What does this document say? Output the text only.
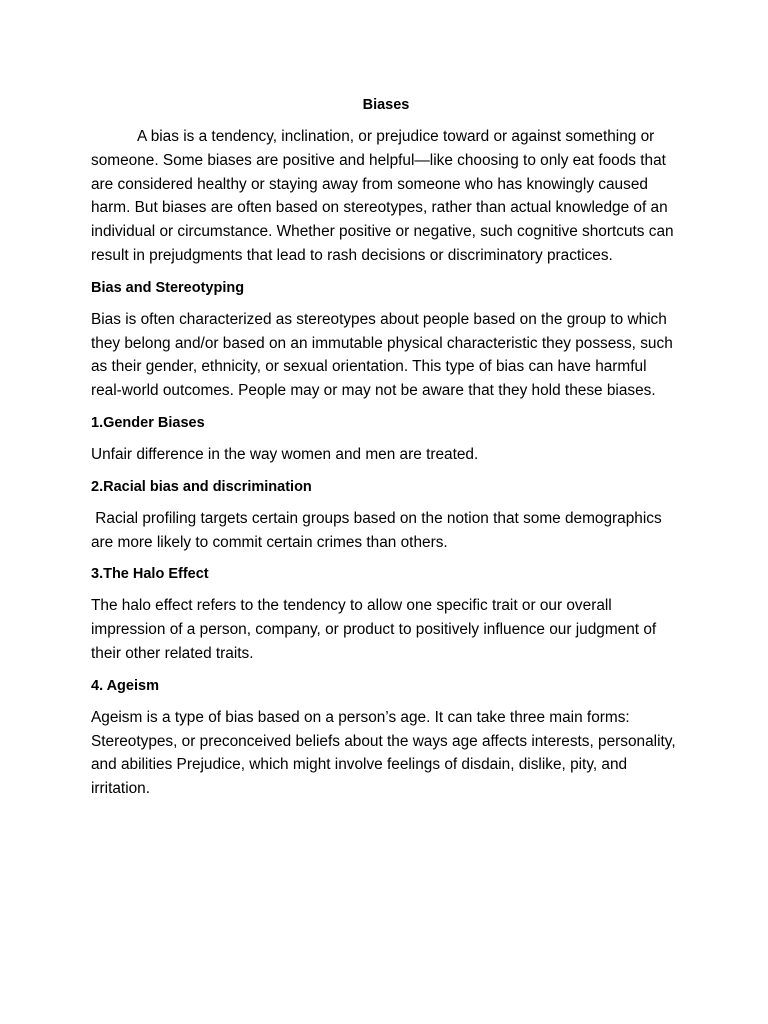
Biases

A bias is a tendency, inclination, or prejudice toward or against something or someone. Some biases are positive and helpful—like choosing to only eat foods that are considered healthy or staying away from someone who has knowingly caused harm. But biases are often based on stereotypes, rather than actual knowledge of an individual or circumstance. Whether positive or negative, such cognitive shortcuts can result in prejudgments that lead to rash decisions or discriminatory practices.

Bias and Stereotyping

Bias is often characterized as stereotypes about people based on the group to which they belong and/or based on an immutable physical characteristic they possess, such as their gender, ethnicity, or sexual orientation. This type of bias can have harmful real-world outcomes. People may or may not be aware that they hold these biases.

1.Gender Biases

Unfair difference in the way women and men are treated.

2.Racial bias and discrimination

Racial profiling targets certain groups based on the notion that some demographics are more likely to commit certain crimes than others.

3.The Halo Effect

The halo effect refers to the tendency to allow one specific trait or our overall impression of a person, company, or product to positively influence our judgment of their other related traits.

4. Ageism

Ageism is a type of bias based on a person’s age. It can take three main forms: Stereotypes, or preconceived beliefs about the ways age affects interests, personality, and abilities Prejudice, which might involve feelings of disdain, dislike, pity, and irritation.
